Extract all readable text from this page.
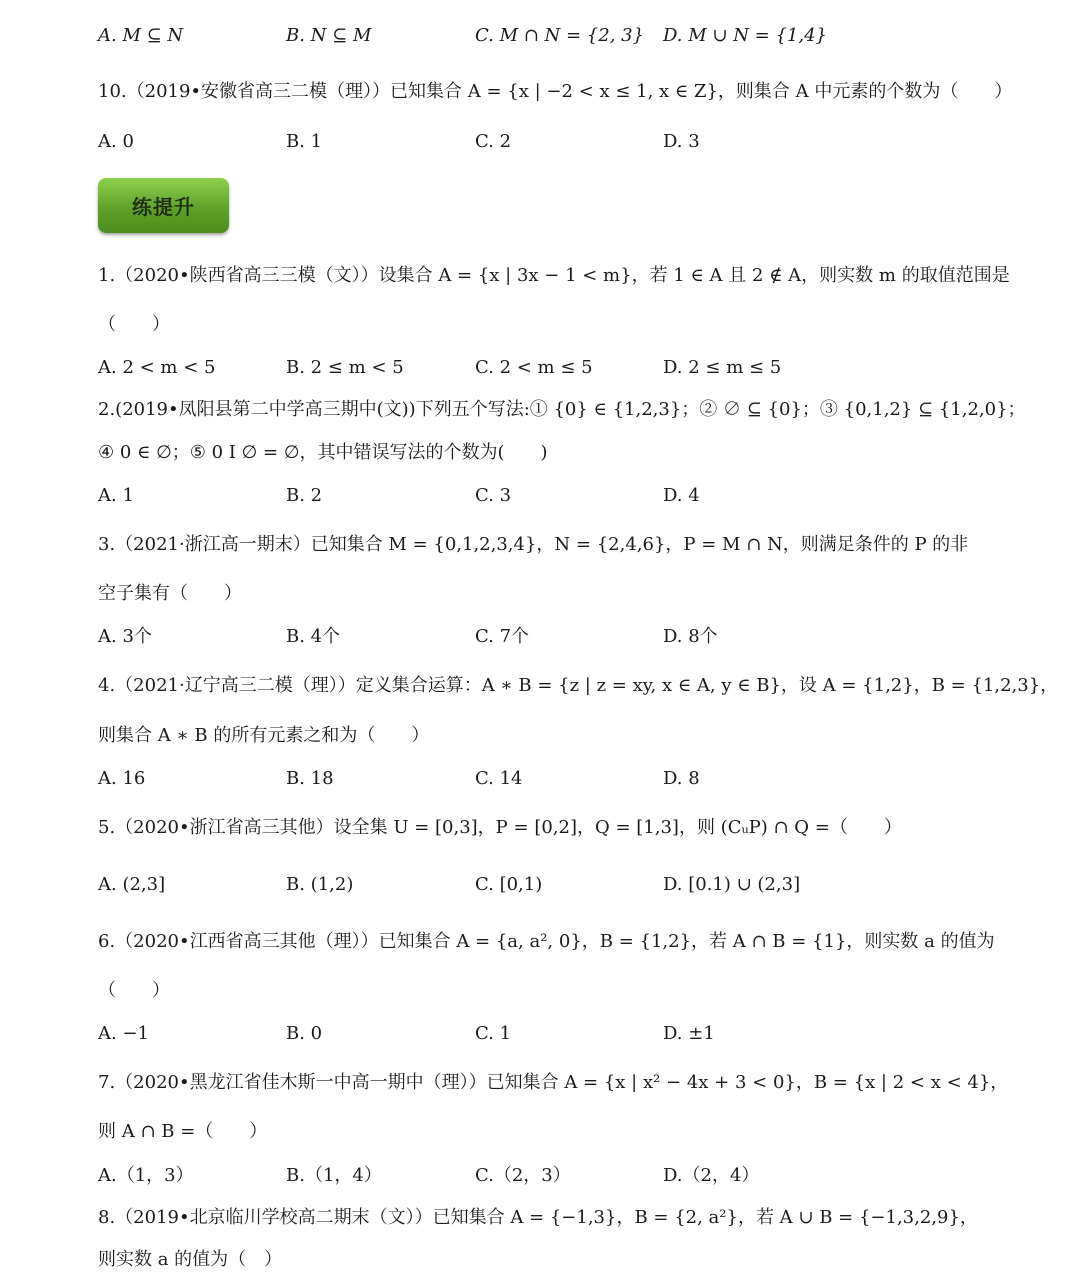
A. M ⊆ N	B. N ⊆ M	C. M ∩ N = {2, 3} D. M ∪ N = {1,4}
10.（2019•安徽省高三二模（理））已知集合 A = {x | −2 < x ≤ 1, x ∈ Z}，则集合 A 中元素的个数为（　　）
A. 0	B. 1	C. 2	D. 3
练提升
1.（2020•陕西省高三三模（文））设集合 A = {x | 3x − 1 < m}，若 1 ∈ A 且 2 ∉ A，则实数 m 的取值范围是
（　　）
A. 2 < m < 5	B. 2 ≤ m < 5	C. 2 < m ≤ 5	D. 2 ≤ m ≤ 5
2.(2019•凤阳县第二中学高三期中(文))下列五个写法:① {0} ∈ {1,2,3}；② ∅ ⊆ {0}；③ {0,1,2} ⊆ {1,2,0}；
④ 0 ∈ ∅；⑤ 0 I ∅ = ∅，其中错误写法的个数为(　　)
A. 1	B. 2	C. 3	D. 4
3.（2021·浙江高一期末）已知集合 M = {0,1,2,3,4}，N = {2,4,6}，P = M ∩ N，则满足条件的 P 的非
空子集有（　　）
A. 3个	B. 4个	C. 7个	D. 8个
4.（2021·辽宁高三二模（理））定义集合运算：A ∗ B = {z | z = xy, x ∈ A, y ∈ B}，设 A = {1,2}，B = {1,2,3}，
则集合 A ∗ B 的所有元素之和为（　　）
A. 16	B. 18	C. 14	D. 8
5.（2020•浙江省高三其他）设全集 U = [0,3]，P = [0,2]，Q = [1,3]，则 (CᵤP) ∩ Q =（　　）
A. (2,3]	B. (1,2)	C. [0,1)	D. [0.1) ∪ (2,3]
6.（2020•江西省高三其他（理））已知集合 A = {a, a², 0}，B = {1,2}，若 A ∩ B = {1}，则实数 a 的值为
（　　）
A. −1	B. 0	C. 1	D. ±1
7.（2020•黑龙江省佳木斯一中高一期中（理））已知集合 A = {x | x² − 4x + 3 < 0}，B = {x | 2 < x < 4}，
则 A ∩ B =（　　）
A.（1，3）	B.（1，4）	C.（2，3）	D.（2，4）
8.（2019•北京临川学校高二期末（文））已知集合 A = {−1,3}，B = {2, a²}，若 A ∪ B = {−1,3,2,9}，
则实数 a 的值为（　）
